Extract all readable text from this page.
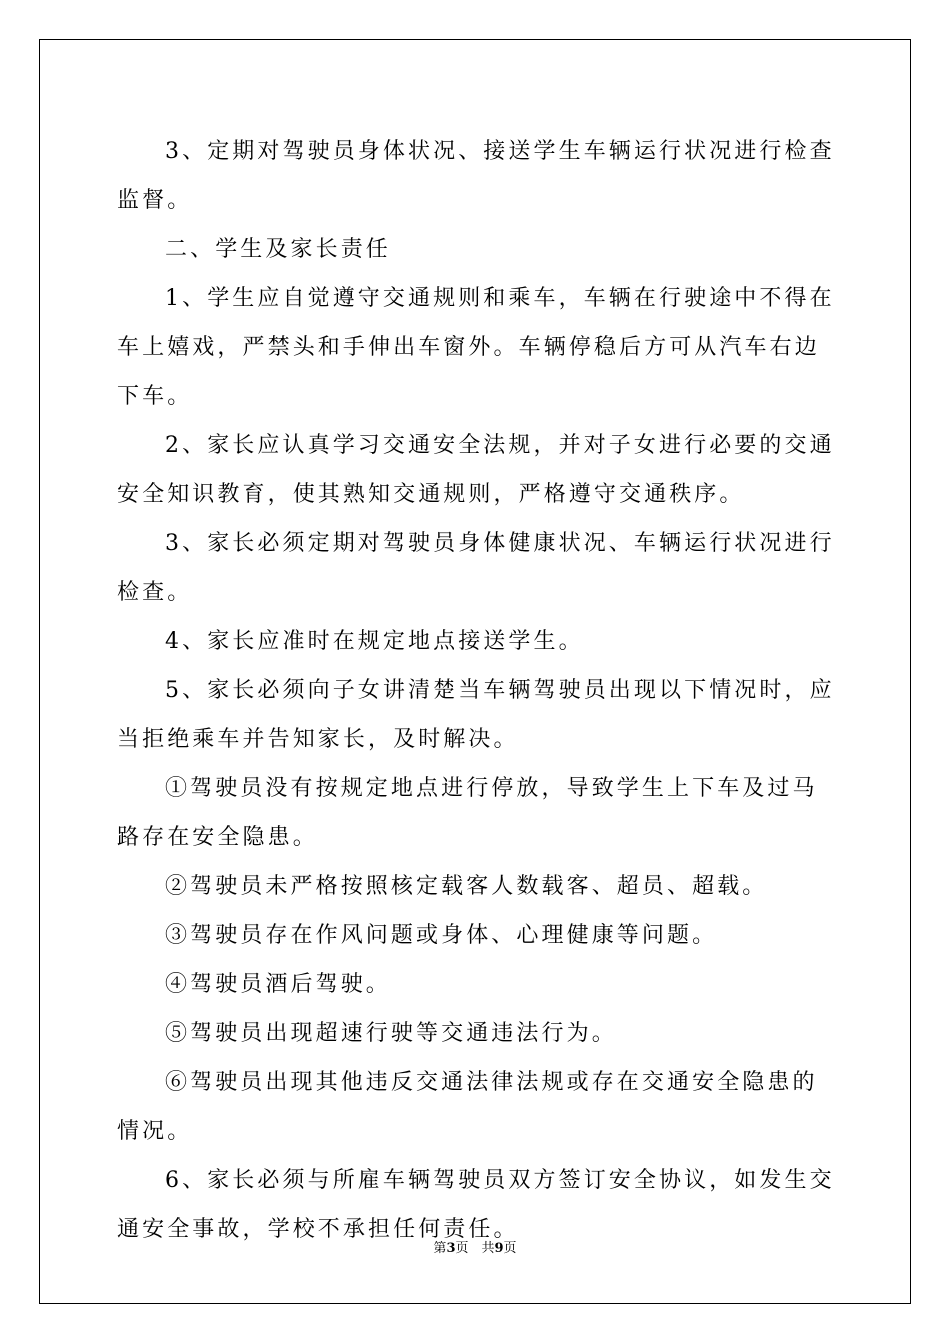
3、定期对驾驶员身体状况、接送学生车辆运行状况进行检查监督。

二、学生及家长责任

1、学生应自觉遵守交通规则和乘车，车辆在行驶途中不得在车上嬉戏，严禁头和手伸出车窗外。车辆停稳后方可从汽车右边下车。

2、家长应认真学习交通安全法规，并对子女进行必要的交通安全知识教育，使其熟知交通规则，严格遵守交通秩序。

3、家长必须定期对驾驶员身体健康状况、车辆运行状况进行检查。

4、家长应准时在规定地点接送学生。

5、家长必须向子女讲清楚当车辆驾驶员出现以下情况时，应当拒绝乘车并告知家长，及时解决。

①驾驶员没有按规定地点进行停放，导致学生上下车及过马路存在安全隐患。

②驾驶员未严格按照核定载客人数载客、超员、超载。

③驾驶员存在作风问题或身体、心理健康等问题。

④驾驶员酒后驾驶。

⑤驾驶员出现超速行驶等交通违法行为。

⑥驾驶员出现其他违反交通法律法规或存在交通安全隐患的情况。

6、家长必须与所雇车辆驾驶员双方签订安全协议，如发生交通安全事故，学校不承担任何责任。

第3页　共9页
